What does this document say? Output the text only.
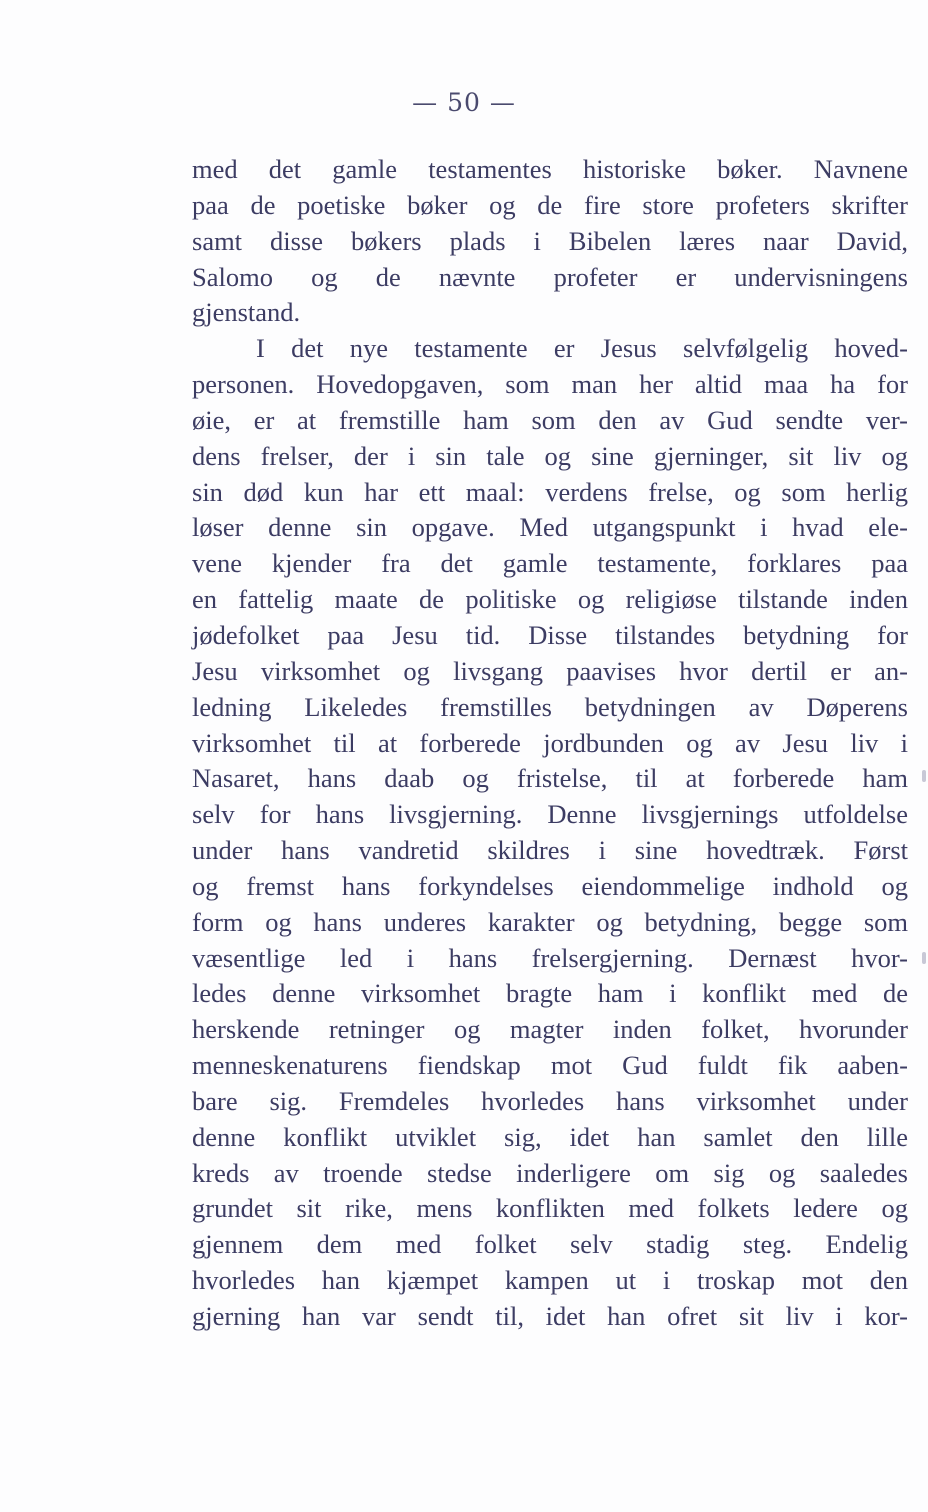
— 50 —
med det gamle testamentes historiske bøker. Navnene
paa de poetiske bøker og de fire store profeters skrifter
samt disse bøkers plads i Bibelen læres naar David,
Salomo og de nævnte profeter er undervisningens
gjenstand.
I det nye testamente er Jesus selvfølgelig hoved-
personen. Hovedopgaven, som man her altid maa ha for
øie, er at fremstille ham som den av Gud sendte ver-
dens frelser, der i sin tale og sine gjerninger, sit liv og
sin død kun har ett maal: verdens frelse, og som herlig
løser denne sin opgave. Med utgangspunkt i hvad ele-
vene kjender fra det gamle testamente, forklares paa
en fattelig maate de politiske og religiøse tilstande inden
jødefolket paa Jesu tid. Disse tilstandes betydning for
Jesu virksomhet og livsgang paavises hvor dertil er an-
ledning Likeledes fremstilles betydningen av Døperens
virksomhet til at forberede jordbunden og av Jesu liv i
Nasaret, hans daab og fristelse, til at forberede ham
selv for hans livsgjerning. Denne livsgjernings utfoldelse
under hans vandretid skildres i sine hovedtræk. Først
og fremst hans forkyndelses eiendommelige indhold og
form og hans underes karakter og betydning, begge som
væsentlige led i hans frelsergjerning. Dernæst hvor-
ledes denne virksomhet bragte ham i konflikt med de
herskende retninger og magter inden folket, hvorunder
menneskenaturens fiendskap mot Gud fuldt fik aaben-
bare sig. Fremdeles hvorledes hans virksomhet under
denne konflikt utviklet sig, idet han samlet den lille
kreds av troende stedse inderligere om sig og saaledes
grundet sit rike, mens konflikten med folkets ledere og
gjennem dem med folket selv stadig steg. Endelig
hvorledes han kjæmpet kampen ut i troskap mot den
gjerning han var sendt til, idet han ofret sit liv i kor-
